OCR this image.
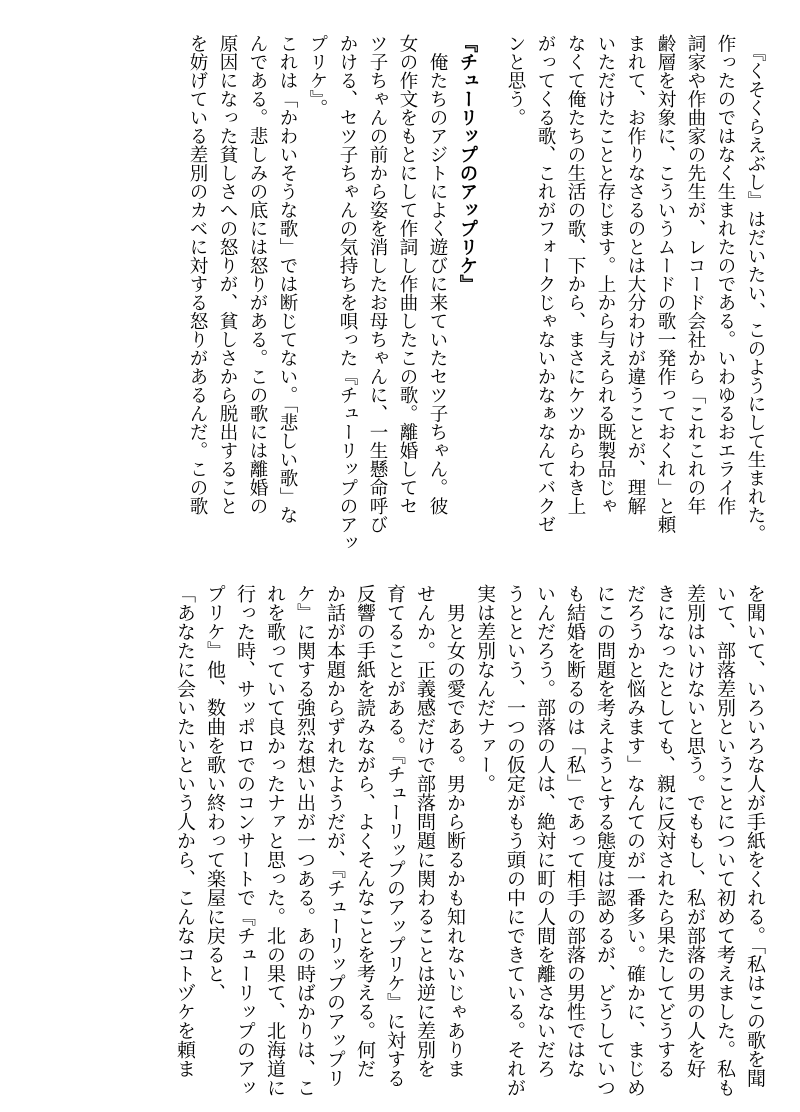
　『くそくらえぶし』はだいたい、このようにして生まれた。
作ったのではなく生まれたのである。いわゆるおエライ作
詞家や作曲家の先生が、レコード会社から「これこれの年
齢層を対象に、こういうムードの歌一発作っておくれ」と頼
まれて、お作りなさるのとは大分わけが違うことが、理解
いただけたことと存じます。上から与えられる既製品じゃ
なくて俺たちの生活の歌、下から、まさにケツからわき上
がってくる歌、これがフォークじゃないかなぁなんてバクゼ
ンと思う。
『チューリップのアップリケ』
　俺たちのアジトによく遊びに来ていたセツ子ちゃん。彼
女の作文をもとにして作詞し作曲したこの歌。離婚してセ
ツ子ちゃんの前から姿を消したお母ちゃんに、一生懸命呼び
かける、セツ子ちゃんの気持ちを唄った『チューリップのアッ
プリケ』。
これは「かわいそうな歌」では断じてない。「悲しい歌」な
んである。悲しみの底には怒りがある。この歌には離婚の
原因になった貧しさへの怒りが、貧しさから脱出すること
を妨げている差別のカベに対する怒りがあるんだ。この歌
を聞いて、いろいろな人が手紙をくれる。「私はこの歌を聞
いて、部落差別ということについて初めて考えました。私も
差別はいけないと思う。でももし、私が部落の男の人を好
きになったとしても、親に反対されたら果たしてどうする
だろうかと悩みます」なんてのが一番多い。確かに、まじめ
にこの問題を考えようとする態度は認めるが、どうしていつ
も結婚を断るのは「私」であって相手の部落の男性ではな
いんだろう。部落の人は、絶対に町の人間を離さないだろ
うとという、一つの仮定がもう頭の中にできている。それが
実は差別なんだナァー。
　男と女の愛である。男から断るかも知れないじゃありま
せんか。正義感だけで部落問題に関わることは逆に差別を
育てることがある。『チューリップのアップリケ』に対する
反響の手紙を読みながら、よくそんなことを考える。何だ
か話が本題からずれたようだが、『チューリップのアップリ
ケ』に関する強烈な想い出が一つある。あの時ばかりは、こ
れを歌っていて良かったナァと思った。北の果て、北海道に
行った時、サッポロでのコンサートで『チューリップのアッ
プリケ』他、数曲を歌い終わって楽屋に戻ると、
「あなたに会いたいという人から、こんなコトヅケを頼ま
